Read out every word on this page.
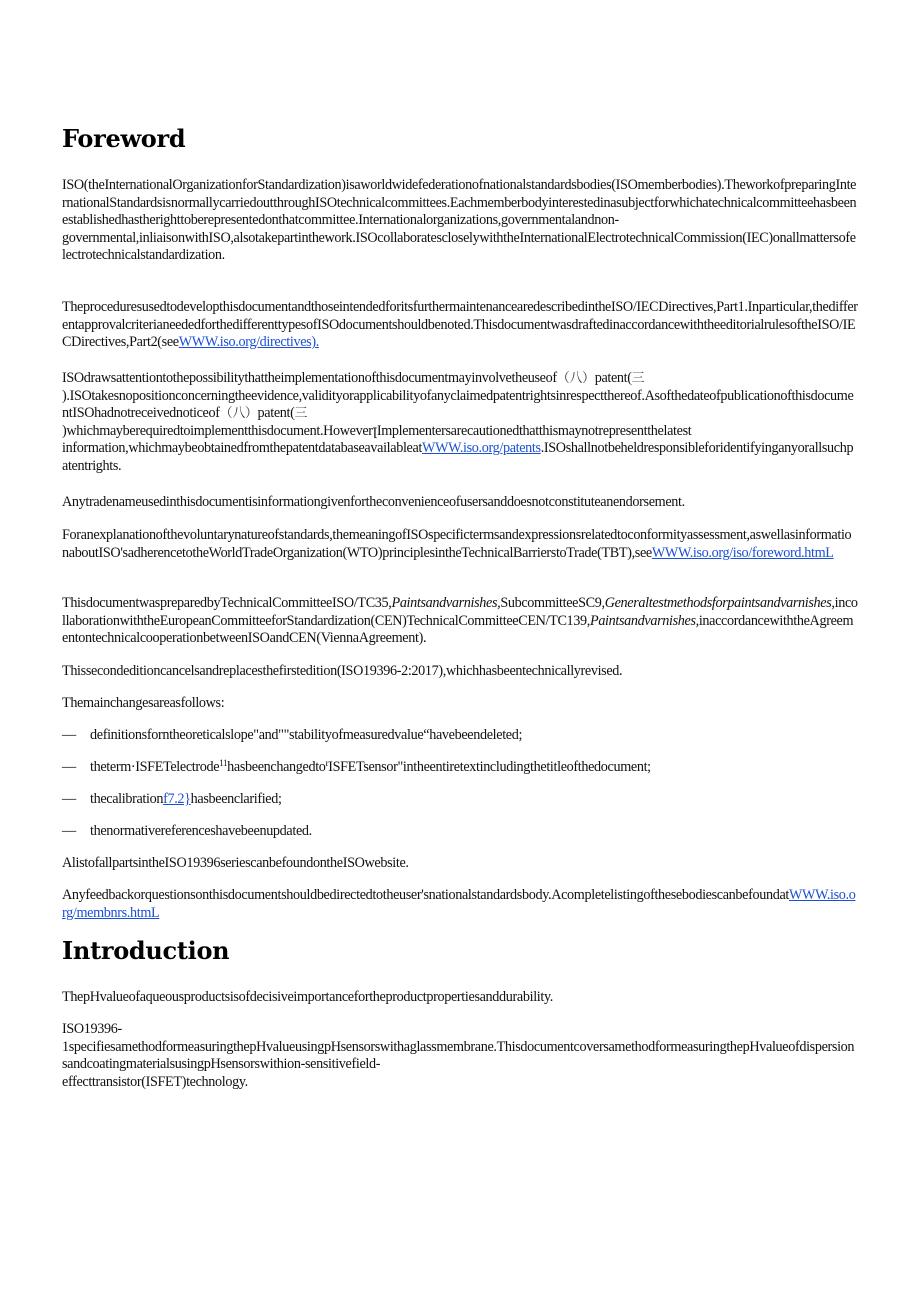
Foreword

ISO(theInternationalOrganizationforStandardization)isaworldwidefederationofnationalstandardsbodies(ISOmemberbodies).TheworkofpreparingInternationalStandardsisnormallycarriedoutthroughISOtechnicalcommittees.Eachmemberbodyinterestedinasubjectforwhichatechnicalcommitteehasbeenestablishedhastherighttoberepresentedonthatcommittee.Internationalorganizations,governmentalandnon-
governmental,inliaisonwithISO,alsotakepartinthework.ISOcollaboratescloselywiththeInternationalElectrotechnicalCommission(IEC)onallmattersofelectrotechnicalstandardization.

TheproceduresusedtodevelopthisdocumentandthoseintendedforitsfurthermaintenancearedescribedintheISO/IECDirectives,Part1.Inparticular,thedifferentapprovalcriterianeededforthedifferenttypesofISOdocumentshouldbenoted.ThisdocumentwasdraftedinaccordancewiththeeditorialrulesoftheISO/IECDirectives,Part2(seeWWW.iso.org/directives).

ISOdrawsattentiontothepossibilitythattheimplementationofthisdocumentmayinvolvetheuseof（八）patent(三
).ISOtakesnopositionconcerningtheevidence,validityorapplicabilityofanyclaimedpatentrightsinrespectthereof.AsofthedateofpublicationofthisdocumentISOhadnotreceivednoticeof（八）patent(三
)whichmayberequiredtoimplementthisdocument.HoweverꞁImplementersarecautionedthatthismaynotrepresentthelatest
information,whichmaybeobtainedfromthepatentdatabaseavailableatWWW.iso.org/patents.ISOshallnotbeheldresponsibleforidentifyinganyorallsuchpatentrights.

Anytradenameusedinthisdocumentisinformationgivenfortheconvenienceofusersanddoesnotconstituteanendorsement.

Foranexplanationofthevoluntarynatureofstandards,themeaningofISOspecifictermsandexpressionsrelatedtoconformityassessment,aswellasinformationaboutISO'sadherencetotheWorldTradeOrganization(WTO)principlesintheTechnicalBarrierstoTrade(TBT),seeWWW.iso.org/iso/foreword.htmL

ThisdocumentwaspreparedbyTechnicalCommitteeISO/TC35,Paintsandvarnishes,SubcommitteeSC9,Generaltestmethodsforpaintsandvarnishes,incollaborationwiththeEuropeanCommitteeforStandardization(CEN)TechnicalCommitteeCEN/TC139,Paintsandvarnishes,inaccordancewiththeAgreementontechnicalcooperationbetweenISOandCEN(ViennaAgreement).

Thissecondeditioncancelsandreplacesthefirstedition(ISO19396-2:2017),whichhasbeentechnicallyrevised.

Themainchangesareasfollows:

— definitionsforntheoreticalslope"and""stabilityofmeasuredvalue“havebeendeleted;
— theterm·ISFETelectrode$^{11}$hasbeenchangedto$^r$ISFETsensor"intheentiretextincludingthetitleofthedocument;
— thecalibrationf7.2}hasbeenclarified;
— thenormativereferenceshavebeenupdated.

AlistofallpartsintheISO19396seriescanbefoundontheISOwebsite.

Anyfeedbackorquestionsonthisdocumentshouldbedirectedtotheuser'snationalstandardsbody.AcompletelistingofthesebodiescanbefoundatWWW.iso.org/membnrs.htmL

Introduction

ThepHvalueofaqueousproductsisofdecisiveimportancefortheproductpropertiesanddurability.

ISO19396-
1specifiesamethodformeasuringthepHvalueusingpHsensorswithaglassmembrane.ThisdocumentcoversamethodformeasuringthepHvalueofdispersionsandcoatingmaterialsusingpHsensorswithion-sensitivefield-
effecttransistor(ISFET)technology.
